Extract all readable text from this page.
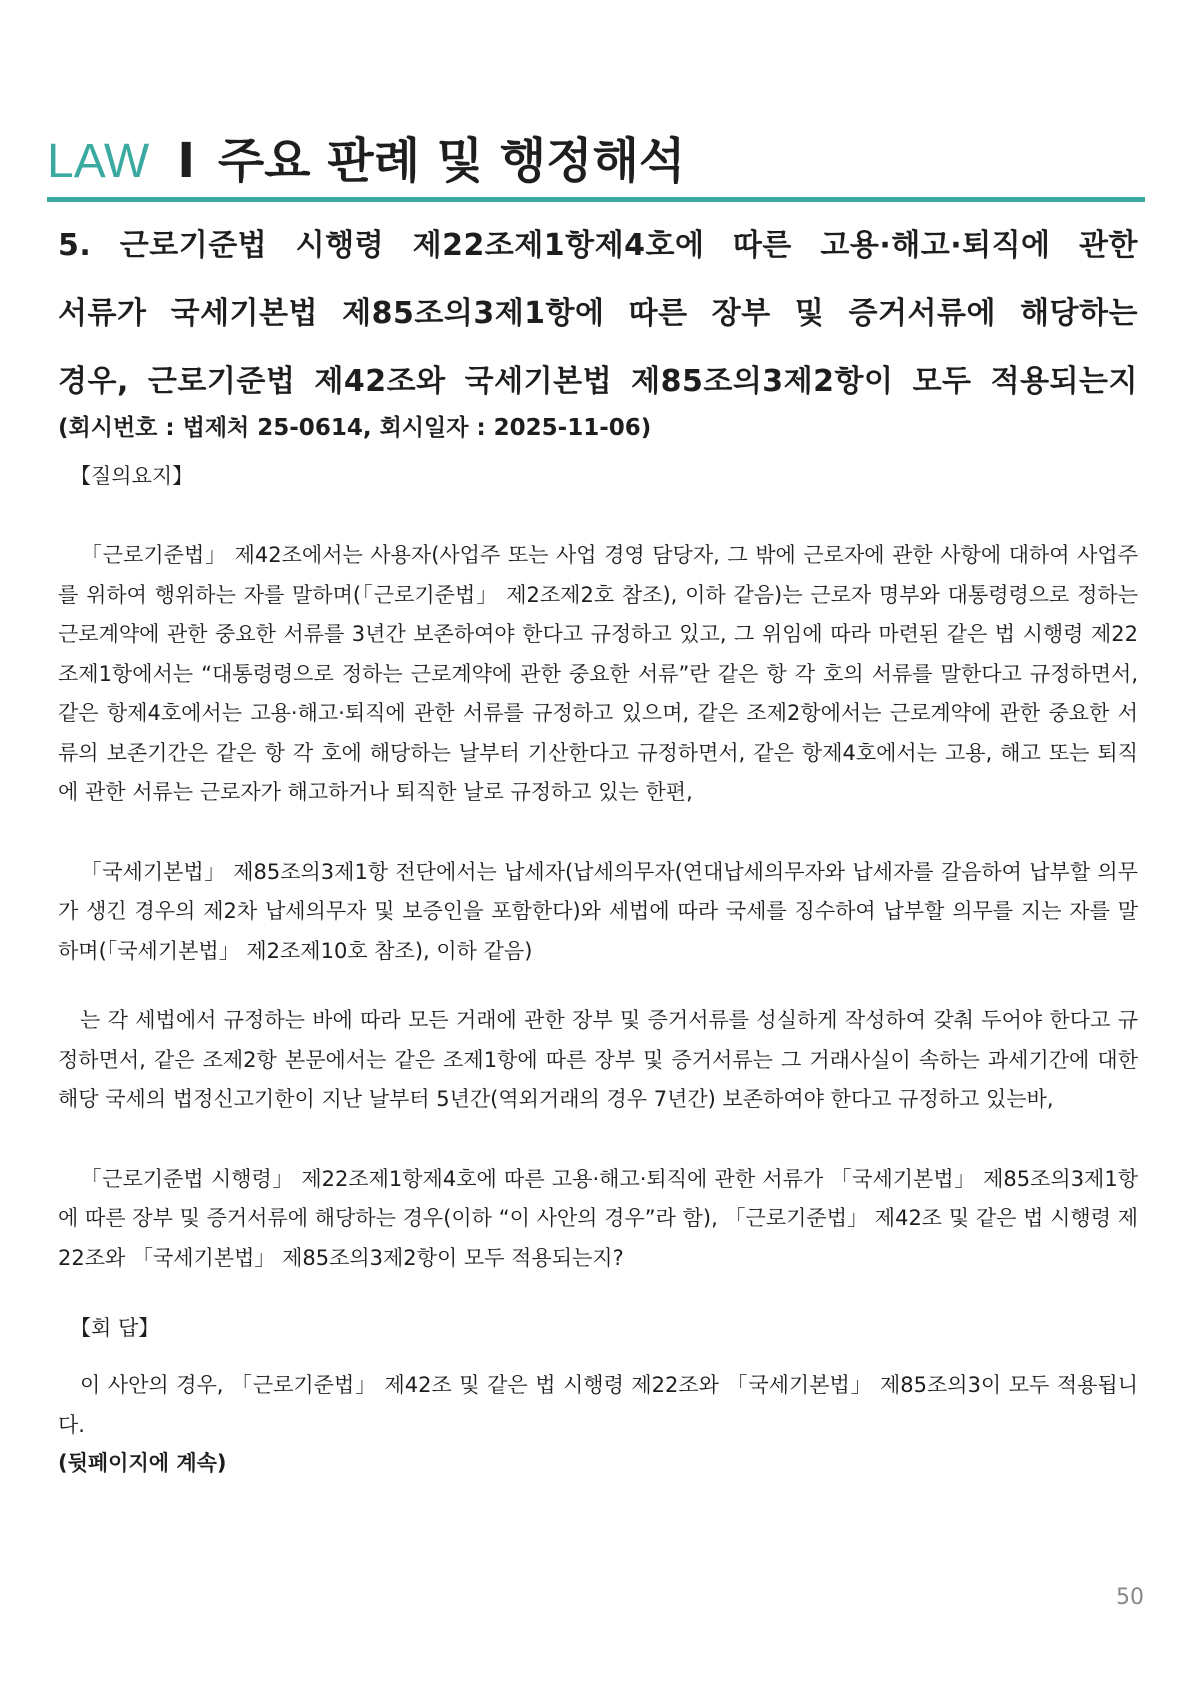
LAW I 주요 판례 및 행정해석
5. 근로기준법 시행령 제22조제1항제4호에 따른 고용·해고·퇴직에 관한
서류가 국세기본법 제85조의3제1항에 따른 장부 및 증거서류에 해당하는
경우, 근로기준법 제42조와 국세기본법 제85조의3제2항이 모두 적용되는지
(회시번호 : 법제처 25-0614, 회시일자 : 2025-11-06)
【질의요지】

「근로기준법」 제42조에서는 사용자(사업주 또는 사업 경영 담당자, 그 밖에 근로자에 관한 사항에 대하여 사업주를 위하여 행위하는 자를 말하며(「근로기준법」 제2조제2호 참조), 이하 같음)는 근로자 명부와 대통령령으로 정하는 근로계약에 관한 중요한 서류를 3년간 보존하여야 한다고 규정하고 있고, 그 위임에 따라 마련된 같은 법 시행령 제22조제1항에서는 “대통령령으로 정하는 근로계약에 관한 중요한 서류”란 같은 항 각 호의 서류를 말한다고 규정하면서, 같은 항제4호에서는 고용·해고·퇴직에 관한 서류를 규정하고 있으며, 같은 조제2항에서는 근로계약에 관한 중요한 서류의 보존기간은 같은 항 각 호에 해당하는 날부터 기산한다고 규정하면서, 같은 항제4호에서는 고용, 해고 또는 퇴직에 관한 서류는 근로자가 해고하거나 퇴직한 날로 규정하고 있는 한편,

「국세기본법」 제85조의3제1항 전단에서는 납세자(납세의무자(연대납세의무자와 납세자를 갈음하여 납부할 의무가 생긴 경우의 제2차 납세의무자 및 보증인을 포함한다)와 세법에 따라 국세를 징수하여 납부할 의무를 지는 자를 말하며(「국세기본법」 제2조제10호 참조), 이하 같음)

는 각 세법에서 규정하는 바에 따라 모든 거래에 관한 장부 및 증거서류를 성실하게 작성하여 갖춰 두어야 한다고 규정하면서, 같은 조제2항 본문에서는 같은 조제1항에 따른 장부 및 증거서류는 그 거래사실이 속하는 과세기간에 대한 해당 국세의 법정신고기한이 지난 날부터 5년간(역외거래의 경우 7년간) 보존하여야 한다고 규정하고 있는바,

「근로기준법 시행령」 제22조제1항제4호에 따른 고용·해고·퇴직에 관한 서류가 「국세기본법」 제85조의3제1항에 따른 장부 및 증거서류에 해당하는 경우(이하 “이 사안의 경우”라 함), 「근로기준법」 제42조 및 같은 법 시행령 제22조와 「국세기본법」 제85조의3제2항이 모두 적용되는지?

【회 답】

이 사안의 경우, 「근로기준법」 제42조 및 같은 법 시행령 제22조와 「국세기본법」 제85조의3이 모두 적용됩니다.

(뒷페이지에 계속)
50
